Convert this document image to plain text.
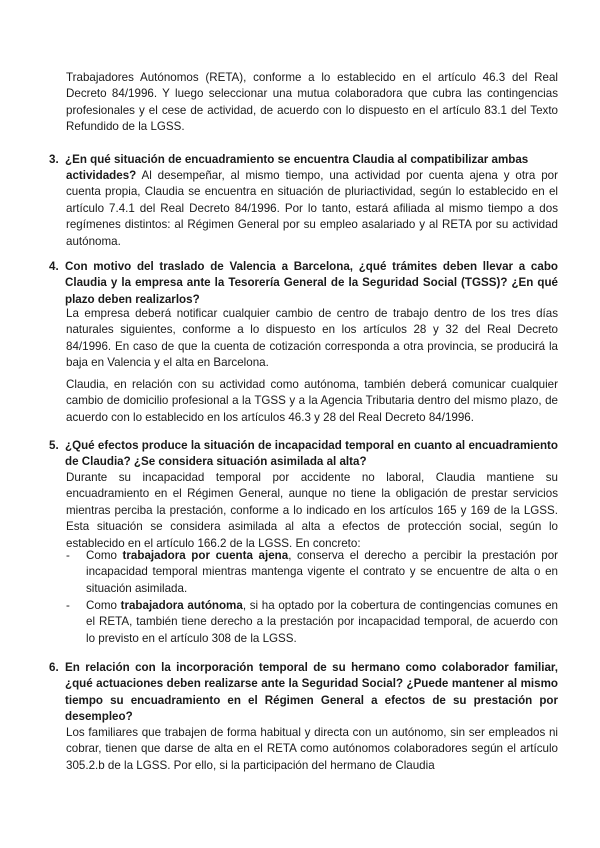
Trabajadores Autónomos (RETA), conforme a lo establecido en el artículo 46.3 del Real Decreto 84/1996. Y luego seleccionar una mutua colaboradora que cubra las contingencias profesionales y el cese de actividad, de acuerdo con lo dispuesto en el artículo 83.1 del Texto Refundido de la LGSS.

3. ¿En qué situación de encuadramiento se encuentra Claudia al compatibilizar ambas

actividades? Al desempeñar, al mismo tiempo, una actividad por cuenta ajena y otra por cuenta propia, Claudia se encuentra en situación de pluriactividad, según lo establecido en el artículo 7.4.1 del Real Decreto 84/1996. Por lo tanto, estará afiliada al mismo tiempo a dos regímenes distintos: al Régimen General por su empleo asalariado y al RETA por su actividad autónoma.

4. Con motivo del traslado de Valencia a Barcelona, ¿qué trámites deben llevar a cabo Claudia y la empresa ante la Tesorería General de la Seguridad Social (TGSS)? ¿En qué plazo deben realizarlos?

La empresa deberá notificar cualquier cambio de centro de trabajo dentro de los tres días naturales siguientes, conforme a lo dispuesto en los artículos 28 y 32 del Real Decreto 84/1996. En caso de que la cuenta de cotización corresponda a otra provincia, se producirá la baja en Valencia y el alta en Barcelona.

Claudia, en relación con su actividad como autónoma, también deberá comunicar cualquier cambio de domicilio profesional a la TGSS y a la Agencia Tributaria dentro del mismo plazo, de acuerdo con lo establecido en los artículos 46.3 y 28 del Real Decreto 84/1996.

5. ¿Qué efectos produce la situación de incapacidad temporal en cuanto al encuadramiento de Claudia? ¿Se considera situación asimilada al alta?

Durante su incapacidad temporal por accidente no laboral, Claudia mantiene su encuadramiento en el Régimen General, aunque no tiene la obligación de prestar servicios mientras perciba la prestación, conforme a lo indicado en los artículos 165 y 169 de la LGSS. Esta situación se considera asimilada al alta a efectos de protección social, según lo establecido en el artículo 166.2 de la LGSS. En concreto:

-	Como trabajadora por cuenta ajena, conserva el derecho a percibir la prestación por incapacidad temporal mientras mantenga vigente el contrato y se encuentre de alta o en situación asimilada.
-	Como trabajadora autónoma, si ha optado por la cobertura de contingencias comunes en el RETA, también tiene derecho a la prestación por incapacidad temporal, de acuerdo con lo previsto en el artículo 308 de la LGSS.
6. En relación con la incorporación temporal de su hermano como colaborador familiar, ¿qué actuaciones deben realizarse ante la Seguridad Social? ¿Puede mantener al mismo tiempo su encuadramiento en el Régimen General a efectos de su prestación por desempleo?

Los familiares que trabajen de forma habitual y directa con un autónomo, sin ser empleados ni cobrar, tienen que darse de alta en el RETA como autónomos colaboradores según el artículo 305.2.b de la LGSS. Por ello, si la participación del hermano de Claudia
